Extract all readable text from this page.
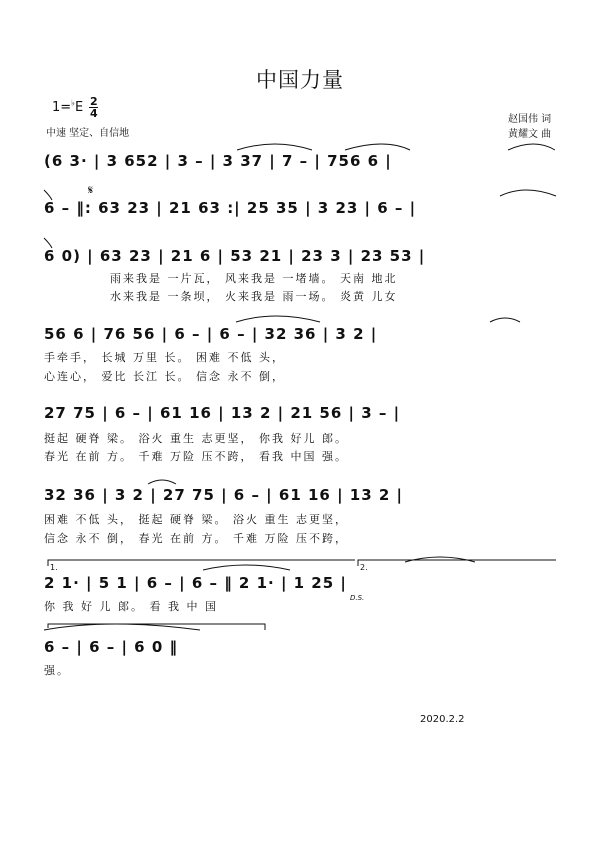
中国力量
$1=^♭E \frac{2}{4}$
中速 坚定、自信地
赵国伟 词
黄耀文 曲
(6 3· | 3 652 | 3 – | 3 37 | 7 – | 756 6 |
6 – ‖: 63 23 | 21 63 :| 25 35 | 3 23 | 6 – |
6 0) | 63 23 | 21 6 | 53 21 | 23 3 | 23 53 |
56 6 | 76 56 | 6 – | 6 – | 32 36 | 3 2 |
27 75 | 6 – | 61 16 | 13 2 | 21 56 | 3 – |
32 36 | 3 2 | 27 75 | 6 – | 61 16 | 13 2 |
2 1· | 5 1 | 6 – | 6 – ‖ 2 1· | 1 25 |
6 – | 6 – | 6 0 ‖
雨来我是 一片瓦， 风来我是 一堵墙。 天南 地北
水来我是 一条坝， 火来我是 雨一场。 炎黄 儿女
手牵手， 长城 万里 长。 困难 不低 头，
心连心， 爱比 长江 长。 信念 永不 倒，
挺起 硬脊 梁。 浴火 重生 志更坚， 你我 好儿 郎。
春光 在前 方。 千难 万险 压不跨， 看我 中国 强。
困难 不低 头， 挺起 硬脊 梁。 浴火 重生 志更坚，
信念 永不 倒， 春光 在前 方。 千难 万险 压不跨，
你 我 好 儿 郎。 看 我 中 国
强。
𝄋
D.S.
1.	2.
2020.2.2
